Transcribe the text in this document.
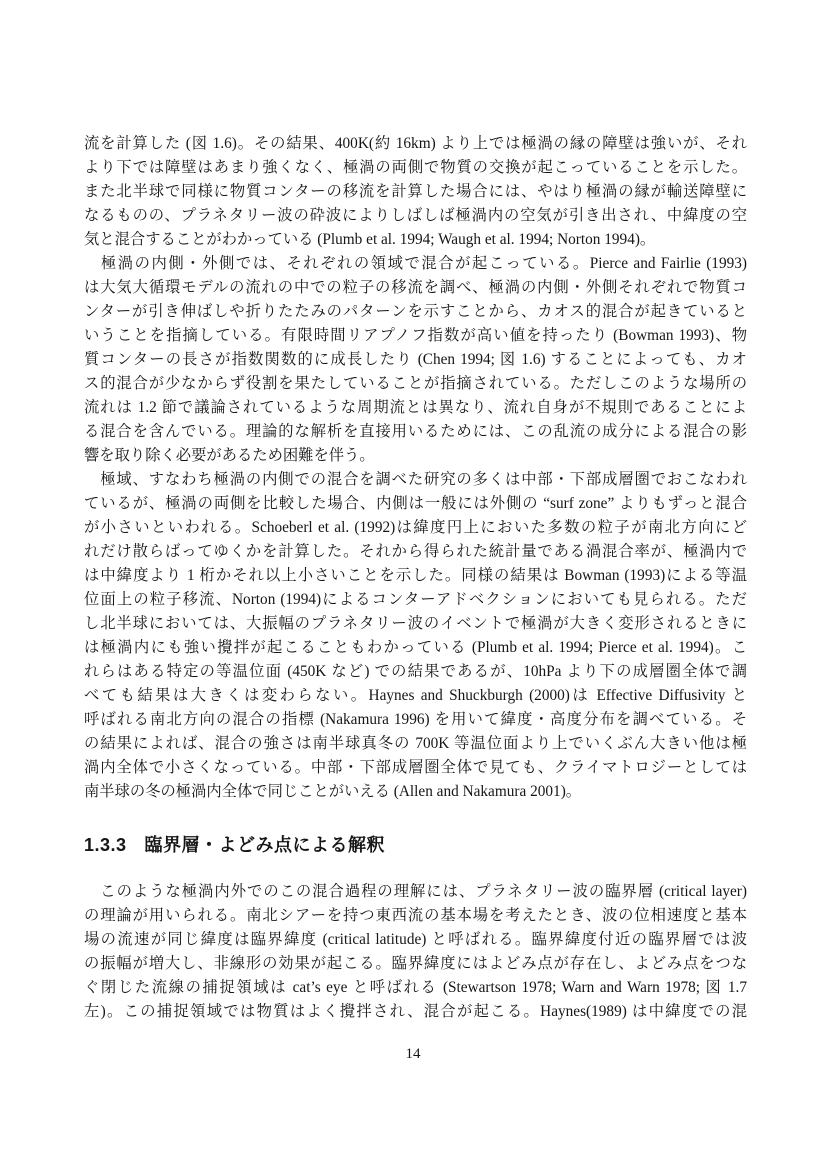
流を計算した (図 1.6)。その結果、400K(約 16km) より上では極渦の縁の障壁は強いが、それ
より下では障壁はあまり強くなく、極渦の両側で物質の交換が起こっていることを示した。
また北半球で同様に物質コンターの移流を計算した場合には、やはり極渦の縁が輸送障壁に
なるものの、プラネタリー波の砕波によりしばしば極渦内の空気が引き出され、中緯度の空
気と混合することがわかっている (Plumb et al. 1994; Waugh et al. 1994; Norton 1994)。
　極渦の内側・外側では、それぞれの領域で混合が起こっている。Pierce and Fairlie (1993)
は大気大循環モデルの流れの中での粒子の移流を調べ、極渦の内側・外側それぞれで物質コ
ンターが引き伸ばしや折りたたみのパターンを示すことから、カオス的混合が起きていると
いうことを指摘している。有限時間リアプノフ指数が高い値を持ったり (Bowman 1993)、物
質コンターの長さが指数関数的に成長したり (Chen 1994; 図 1.6) することによっても、カオ
ス的混合が少なからず役割を果たしていることが指摘されている。ただしこのような場所の
流れは 1.2 節で議論されているような周期流とは異なり、流れ自身が不規則であることによ
る混合を含んでいる。理論的な解析を直接用いるためには、この乱流の成分による混合の影
響を取り除く必要があるため困難を伴う。
　極域、すなわち極渦の内側での混合を調べた研究の多くは中部・下部成層圏でおこなわれ
ているが、極渦の両側を比較した場合、内側は一般には外側の “surf zone” よりもずっと混合
が小さいといわれる。Schoeberl et al. (1992)は緯度円上においた多数の粒子が南北方向にど
れだけ散らばってゆくかを計算した。それから得られた統計量である渦混合率が、極渦内で
は中緯度より 1 桁かそれ以上小さいことを示した。同様の結果は Bowman (1993)による等温
位面上の粒子移流、Norton (1994)によるコンターアドベクションにおいても見られる。ただ
し北半球においては、大振幅のプラネタリー波のイベントで極渦が大きく変形されるときに
は極渦内にも強い攪拌が起こることもわかっている (Plumb et al. 1994; Pierce et al. 1994)。こ
れらはある特定の等温位面 (450K など) での結果であるが、10hPa より下の成層圏全体で調
べても結果は大きくは変わらない。Haynes and Shuckburgh (2000)は Effective Diffusivity と
呼ばれる南北方向の混合の指標 (Nakamura 1996) を用いて緯度・高度分布を調べている。そ
の結果によれば、混合の強さは南半球真冬の 700K 等温位面より上でいくぶん大きい他は極
渦内全体で小さくなっている。中部・下部成層圏全体で見ても、クライマトロジーとしては
南半球の冬の極渦内全体で同じことがいえる (Allen and Nakamura 2001)。
1.3.3 臨界層・よどみ点による解釈
　このような極渦内外でのこの混合過程の理解には、プラネタリー波の臨界層 (critical layer)
の理論が用いられる。南北シアーを持つ東西流の基本場を考えたとき、波の位相速度と基本
場の流速が同じ緯度は臨界緯度 (critical latitude) と呼ばれる。臨界緯度付近の臨界層では波
の振幅が増大し、非線形の効果が起こる。臨界緯度にはよどみ点が存在し、よどみ点をつな
ぐ閉じた流線の捕捉領域は cat’s eye と呼ばれる (Stewartson 1978; Warn and Warn 1978; 図 1.7
左)。この捕捉領域では物質はよく攪拌され、混合が起こる。Haynes(1989) は中緯度での混
14
